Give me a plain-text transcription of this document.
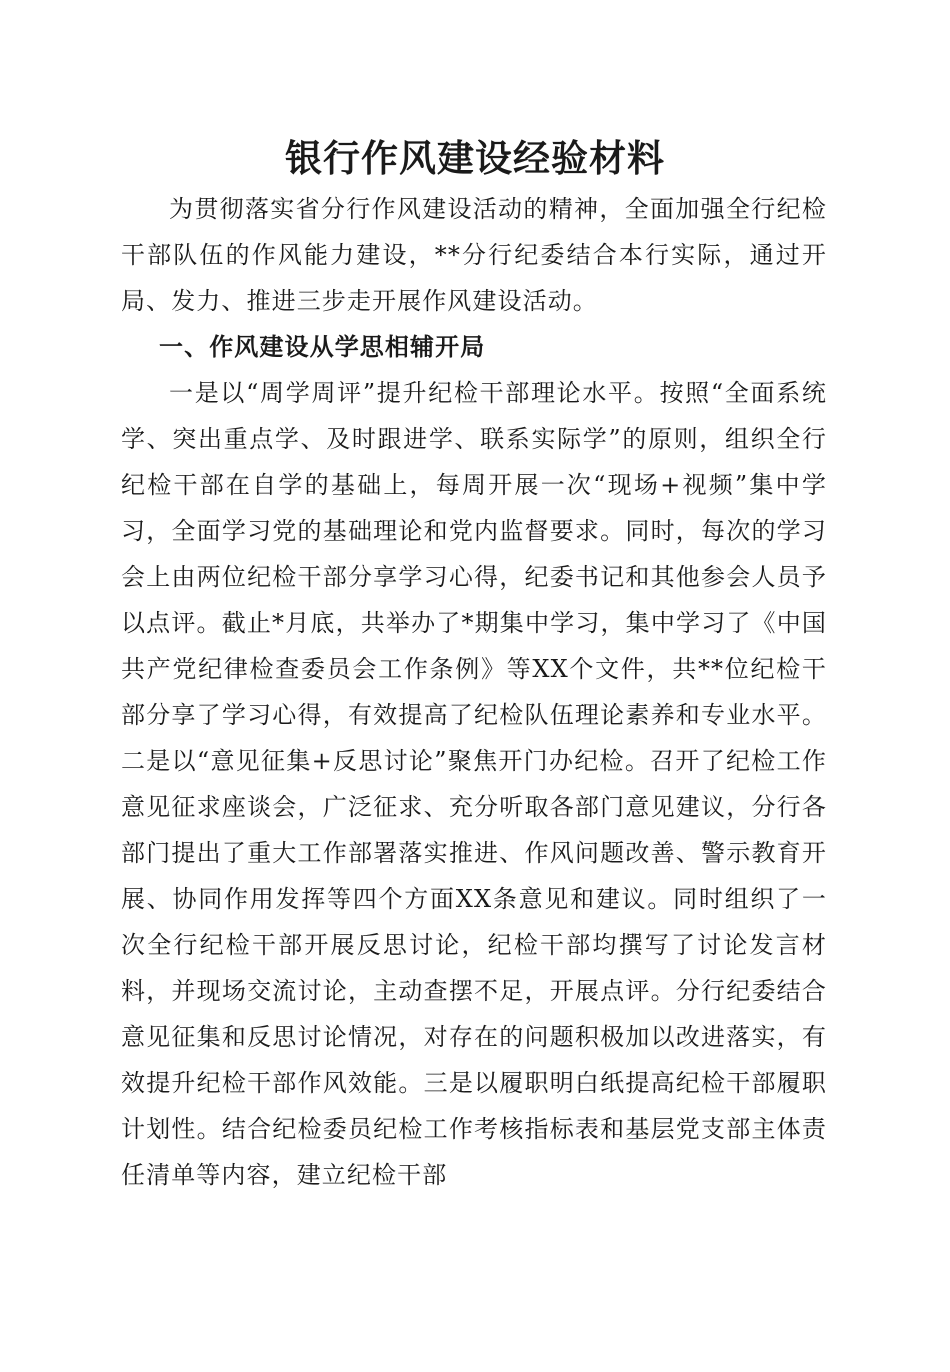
银行作风建设经验材料

为贯彻落实省分行作风建设活动的精神，全面加强全行纪检干部队伍的作风能力建设，**分行纪委结合本行实际，通过开局、发力、推进三步走开展作风建设活动。

一、作风建设从学思相辅开局

一是以“周学周评”提升纪检干部理论水平。按照“全面系统学、突出重点学、及时跟进学、联系实际学”的原则，组织全行纪检干部在自学的基础上，每周开展一次“现场+视频”集中学习，全面学习党的基础理论和党内监督要求。同时，每次的学习会上由两位纪检干部分享学习心得，纪委书记和其他参会人员予以点评。截止*月底，共举办了*期集中学习，集中学习了《中国共产党纪律检查委员会工作条例》等XX个文件，共**位纪检干部分享了学习心得，有效提高了纪检队伍理论素养和专业水平。二是以“意见征集+反思讨论”聚焦开门办纪检。召开了纪检工作意见征求座谈会，广泛征求、充分听取各部门意见建议，分行各部门提出了重大工作部署落实推进、作风问题改善、警示教育开展、协同作用发挥等四个方面XX条意见和建议。同时组织了一次全行纪检干部开展反思讨论，纪检干部均撰写了讨论发言材料，并现场交流讨论，主动查摆不足，开展点评。分行纪委结合意见征集和反思讨论情况，对存在的问题积极加以改进落实，有效提升纪检干部作风效能。三是以履职明白纸提高纪检干部履职计划性。结合纪检委员纪检工作考核指标表和基层党支部主体责任清单等内容，建立纪检干部
